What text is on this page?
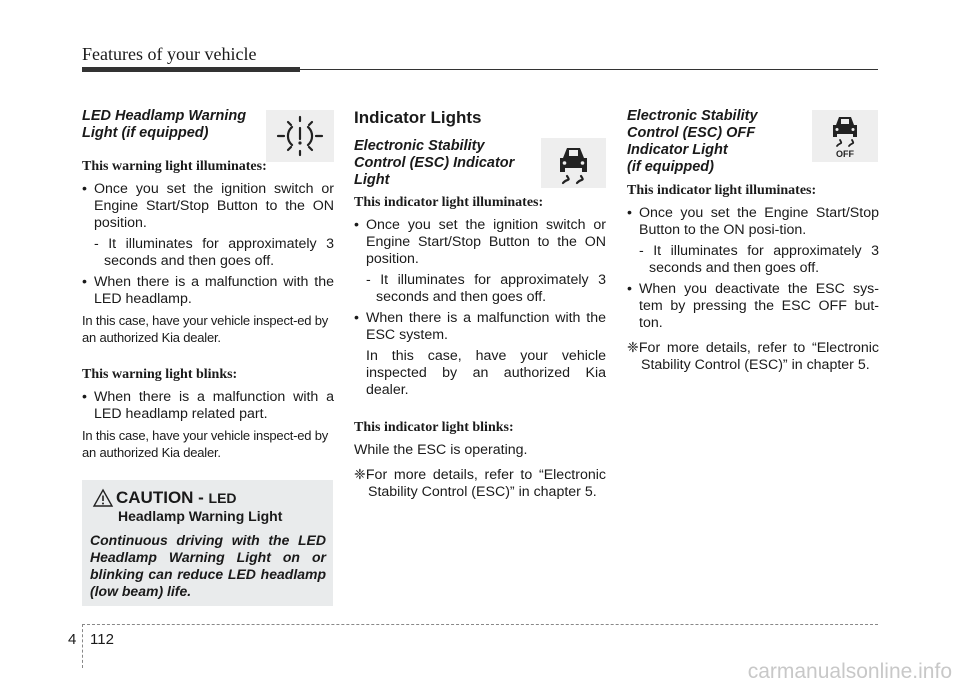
Features of your vehicle

LED Headlamp Warning

Light (if equipped)

This warning light illuminates:

• Once you set the ignition switch or Engine Start/Stop Button to the ON position.

- It illuminates for approximately 3 seconds and then goes off.

• When there is a malfunction with the LED headlamp.

In this case, have your vehicle inspect-ed by an authorized Kia dealer.

This warning light blinks:

• When there is a malfunction with a LED headlamp related part.

In this case, have your vehicle inspect-ed by an authorized Kia dealer.

CAUTION - LED
Headlamp Warning Light
Continuous driving with the LED Headlamp Warning Light on or blinking can reduce LED headlamp (low beam) life.

Indicator Lights

Electronic Stability

Control (ESC) Indicator

Light

This indicator light illuminates:

• Once you set the ignition switch or Engine Start/Stop Button to the ON position.

- It illuminates for approximately 3 seconds and then goes off.

• When there is a malfunction with the ESC system.

In this case, have your vehicle inspected by an authorized Kia dealer.

This indicator light blinks:

While the ESC is operating.

❈For more details, refer to “Electronic Stability Control (ESC)” in chapter 5.

OFF

Electronic Stability

Control (ESC) OFF

Indicator Light

(if equipped)

This indicator light illuminates:

• Once you set the Engine Start/Stop Button to the ON posi-tion.

- It illuminates for approximately 3 seconds and then goes off.

• When you deactivate the ESC sys-tem by pressing the ESC OFF but-ton.

❈For more details, refer to “Electronic Stability Control (ESC)” in chapter 5.

4 112
carmanualsonline.info
